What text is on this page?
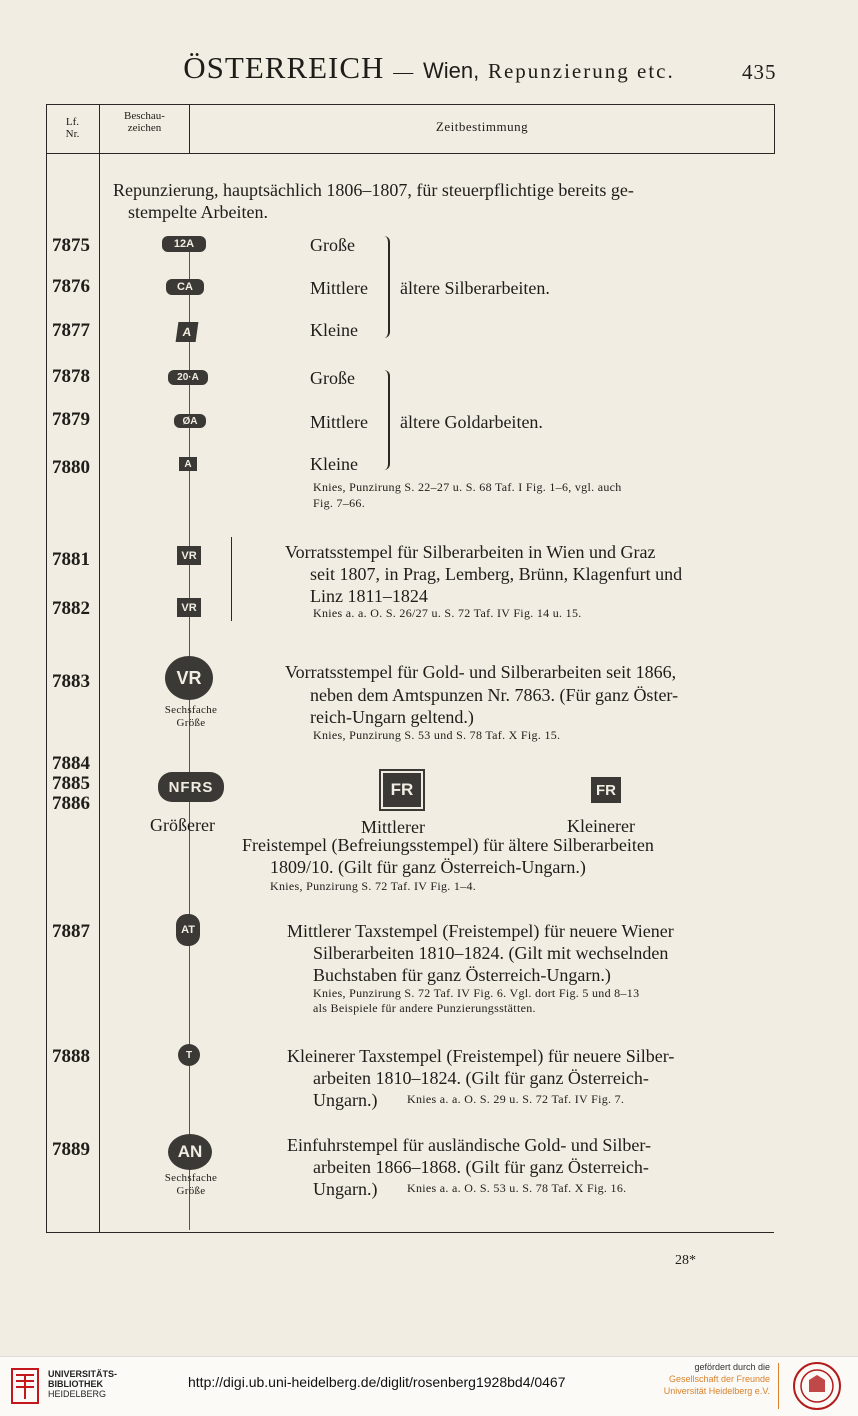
ÖSTERREICH — Wien, Repunzierung etc.	435
Lf.
Nr.
Beschau-
zeichen	Zeitbestimmung
Repunzierung, hauptsächlich 1806–1807, für steuerpflichtige bereits ge-
stempelte Arbeiten.
7875	12A	Große
7876	CA	Mittlere
7877	A	Kleine
ältere Silberarbeiten.
7878	20·A	Große
7879	ØA	Mittlere
7880	A	Kleine
ältere Goldarbeiten.
Knies, Punzirung S. 22–27 u. S. 68 Taf. I Fig. 1–6, vgl. auch
Fig. 7–66.
7881	VR
7882	VR
Vorratsstempel für Silberarbeiten in Wien und Graz
seit 1807, in Prag, Lemberg, Brünn, Klagenfurt und
Linz 1811–1824
Knies a. a. O. S. 26/27 u. S. 72 Taf. IV Fig. 14 u. 15.
7883	VR
Sechsfache
Größe
Vorratsstempel für Gold- und Silberarbeiten seit 1866,
neben dem Amtspunzen Nr. 7863. (Für ganz Öster-
reich-Ungarn geltend.)
Knies, Punzirung S. 53 und S. 78 Taf. X Fig. 15.
7884
7885
7886
NFRS	FR	FR
Größerer	Mittlerer	Kleinerer
Freistempel (Befreiungsstempel) für ältere Silberarbeiten
1809/10. (Gilt für ganz Österreich-Ungarn.)
Knies, Punzirung S. 72 Taf. IV Fig. 1–4.
7887	AT	Mittlerer Taxstempel (Freistempel) für neuere Wiener
Silberarbeiten 1810–1824. (Gilt mit wechselnden
Buchstaben für ganz Österreich-Ungarn.)
Knies, Punzirung S. 72 Taf. IV Fig. 6. Vgl. dort Fig. 5 und 8–13
als Beispiele für andere Punzierungsstätten.
7888	T	Kleinerer Taxstempel (Freistempel) für neuere Silber-
arbeiten 1810–1824. (Gilt für ganz Österreich-
Ungarn.) Knies a. a. O. S. 29 u. S. 72 Taf. IV Fig. 7.
7889	AN
Sechsfache
Größe
Einfuhrstempel für ausländische Gold- und Silber-
arbeiten 1866–1868. (Gilt für ganz Österreich-
Ungarn.) Knies a. a. O. S. 53 u. S. 78 Taf. X Fig. 16.
28*
UNIVERSITÄTS-
BIBLIOTHEK
HEIDELBERG
http://digi.ub.uni-heidelberg.de/diglit/rosenberg1928bd4/0467
gefördert durch die
Gesellschaft der Freunde
Universität Heidelberg e.V.
